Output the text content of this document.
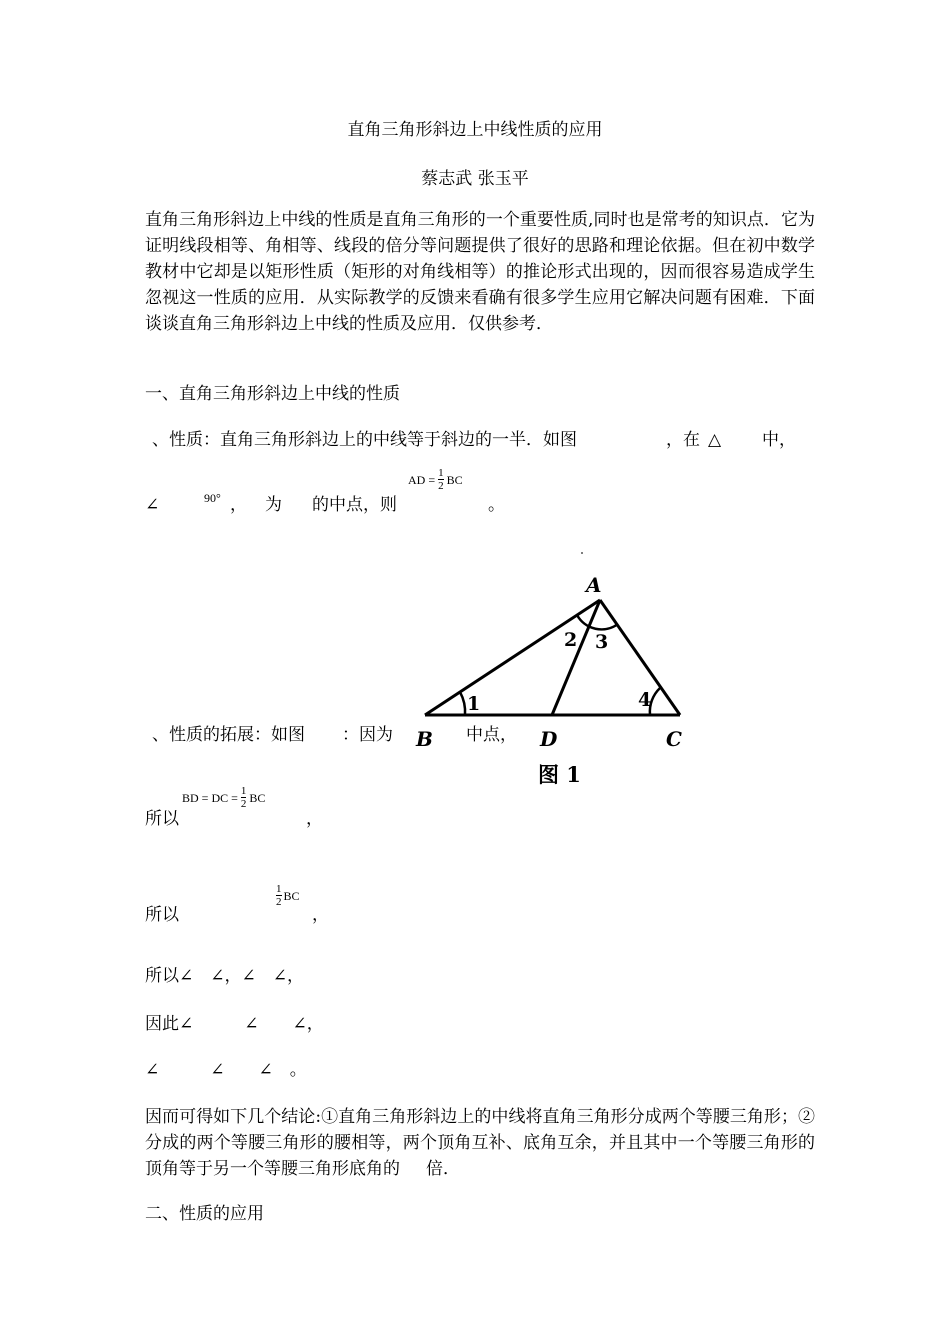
直角三角形斜边上中线性质的应用
蔡志武 张玉平
直角三角形斜边上中线的性质是直角三角形的一个重要性质,同时也是常考的知识点．它为证明线段相等、角相等、线段的倍分等问题提供了很好的思路和理论依据。但在初中数学教材中它却是以矩形性质（矩形的对角线相等）的推论形式出现的，因而很容易造成学生忽视这一性质的应用．从实际教学的反馈来看确有很多学生应用它解决问题有困难．下面谈谈直角三角形斜边上中线的性质及应用．仅供参考．
一、直角三角形斜边上中线的性质
、性质：直角三角形斜边上的中线等于斜边的一半．如图	，在 △ 中，
∠	90° ， 为 的中点，则
AD = $\frac{1}{2}$ BC
。
A
B	D	C
1
2 3
4
图 1
、性质的拓展：如图 ：因为	中点，
所以
BD = DC = $\frac{1}{2}$ BC
，
所以
$\frac{1}{2}$ BC
，
所以∠　∠，∠　∠，
因此∠　　　∠　　∠，
∠　　　∠　　∠　。
因而可得如下几个结论:①直角三角形斜边上的中线将直角三角形分成两个等腰三角形；②分成的两个等腰三角形的腰相等，两个顶角互补、底角互余，并且其中一个等腰三角形的顶角等于另一个等腰三角形底角的 倍．
二、性质的应用
